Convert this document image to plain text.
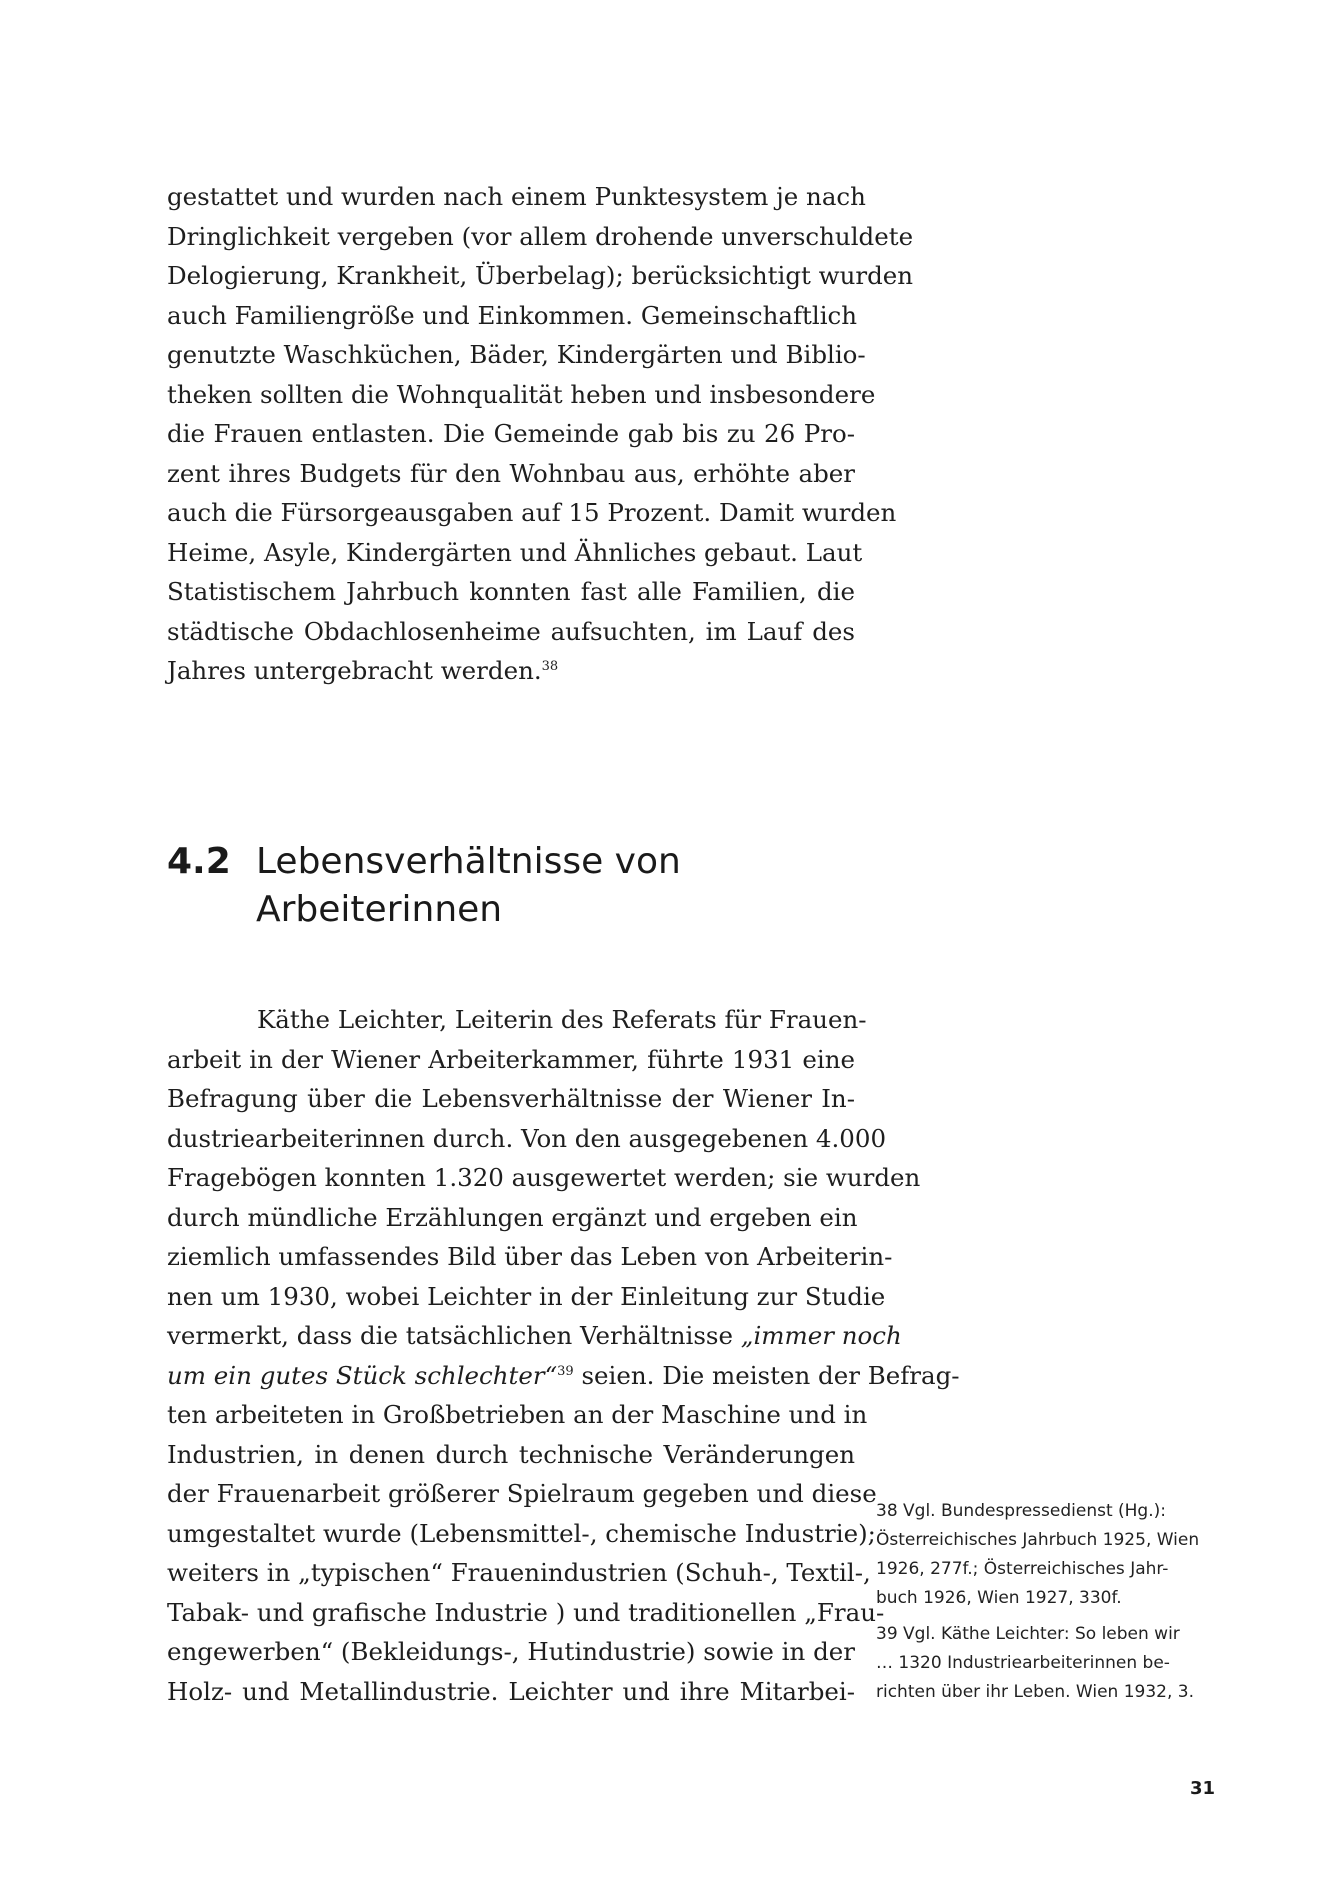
gestattet und wurden nach einem Punktesystem je nach
Dringlichkeit vergeben (vor allem drohende unverschuldete
Delogierung, Krankheit, Überbelag); berücksichtigt wurden
auch Familiengröße und Einkommen. Gemeinschaftlich
genutzte Waschküchen, Bäder, Kindergärten und Biblio-
theken sollten die Wohnqualität heben und insbesondere
die Frauen entlasten. Die Gemeinde gab bis zu 26 Pro-
zent ihres Budgets für den Wohnbau aus, erhöhte aber
auch die Fürsorgeausgaben auf 15 Prozent. Damit wurden
Heime, Asyle, Kindergärten und Ähnliches gebaut. Laut
Statistischem Jahrbuch konnten fast alle Familien, die
städtische Obdachlosenheime aufsuchten, im Lauf des
Jahres untergebracht werden.$^{38}$
4.2 Lebensverhältnisse von
Arbeiterinnen
Käthe Leichter, Leiterin des Referats für Frauen-
arbeit in der Wiener Arbeiterkammer, führte 1931 eine
Befragung über die Lebensverhältnisse der Wiener In-
dustriearbeiterinnen durch. Von den ausgegebenen 4.000
Fragebögen konnten 1.320 ausgewertet werden; sie wurden
durch mündliche Erzählungen ergänzt und ergeben ein
ziemlich umfassendes Bild über das Leben von Arbeiterin-
nen um 1930, wobei Leichter in der Einleitung zur Studie
vermerkt, dass die tatsächlichen Verhältnisse „immer noch
um ein gutes Stück schlechter“$^{39}$ seien. Die meisten der Befrag-
ten arbeiteten in Großbetrieben an der Maschine und in
Industrien, in denen durch technische Veränderungen
der Frauenarbeit größerer Spielraum gegeben und diese
umgestaltet wurde (Lebensmittel-, chemische Industrie);
weiters in „typischen“ Frauenindustrien (Schuh-, Textil-,
Tabak- und grafische Industrie ) und traditionellen „Frau-
engewerben“ (Bekleidungs-, Hutindustrie) sowie in der
Holz- und Metallindustrie. Leichter und ihre Mitarbei-
38 Vgl. Bundespressedienst (Hg.):
Österreichisches Jahrbuch 1925, Wien
1926, 277f.; Österreichisches Jahr-
buch 1926, Wien 1927, 330f.
39 Vgl. Käthe Leichter: So leben wir
… 1320 Industriearbeiterinnen be-
richten über ihr Leben. Wien 1932, 3.
31
